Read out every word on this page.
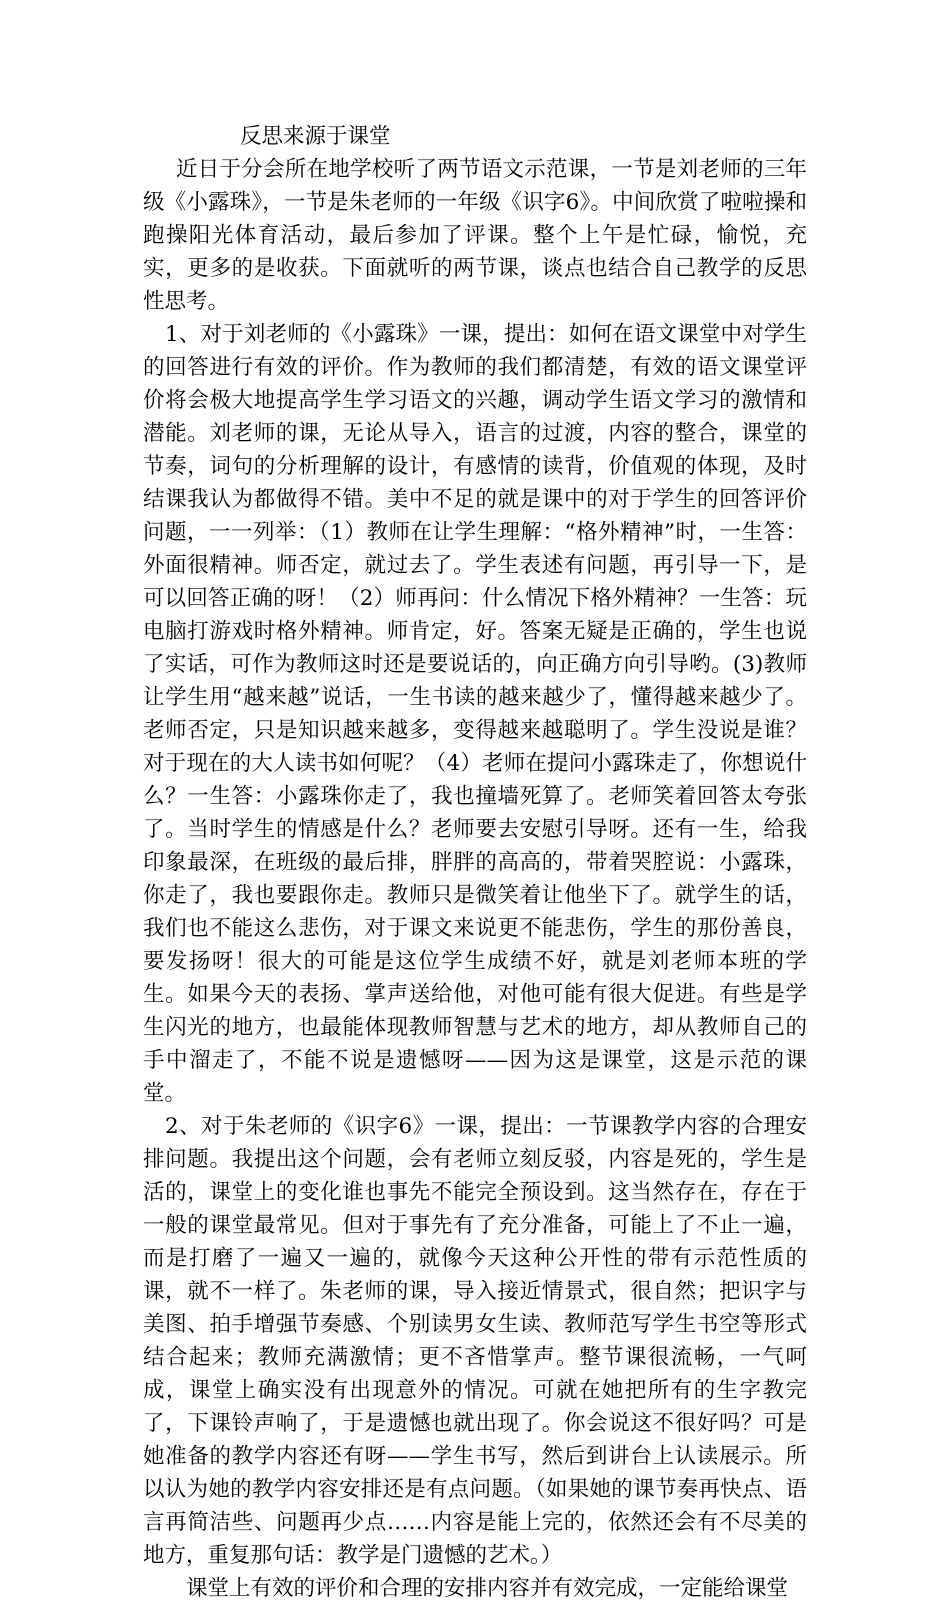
反思来源于课堂

近日于分会所在地学校听了两节语文示范课，一节是刘老师的三年级《小露珠》，一节是朱老师的一年级《识字6》。中间欣赏了啦啦操和跑操阳光体育活动，最后参加了评课。整个上午是忙碌，愉悦，充实，更多的是收获。下面就听的两节课，谈点也结合自己教学的反思性思考。

1、对于刘老师的《小露珠》一课，提出：如何在语文课堂中对学生的回答进行有效的评价。作为教师的我们都清楚，有效的语文课堂评价将会极大地提高学生学习语文的兴趣，调动学生语文学习的激情和潜能。刘老师的课，无论从导入，语言的过渡，内容的整合，课堂的节奏，词句的分析理解的设计，有感情的读背，价值观的体现，及时结课我认为都做得不错。美中不足的就是课中的对于学生的回答评价问题，一一列举：（1）教师在让学生理解：“格外精神”时，一生答：外面很精神。师否定，就过去了。学生表述有问题，再引导一下，是可以回答正确的呀！（2）师再问：什么情况下格外精神？一生答：玩电脑打游戏时格外精神。师肯定，好。答案无疑是正确的，学生也说了实话，可作为教师这时还是要说话的，向正确方向引导哟。(3)教师让学生用“越来越”说话，一生书读的越来越少了，懂得越来越少了。老师否定，只是知识越来越多，变得越来越聪明了。学生没说是谁？对于现在的大人读书如何呢？（4）老师在提问小露珠走了，你想说什么？一生答：小露珠你走了，我也撞墙死算了。老师笑着回答太夸张了。当时学生的情感是什么？老师要去安慰引导呀。还有一生，给我印象最深，在班级的最后排，胖胖的高高的，带着哭腔说：小露珠，你走了，我也要跟你走。教师只是微笑着让他坐下了。就学生的话，我们也不能这么悲伤，对于课文来说更不能悲伤，学生的那份善良，要发扬呀！很大的可能是这位学生成绩不好，就是刘老师本班的学生。如果今天的表扬、掌声送给他，对他可能有很大促进。有些是学生闪光的地方，也最能体现教师智慧与艺术的地方，却从教师自己的手中溜走了，不能不说是遗憾呀——因为这是课堂，这是示范的课堂。

2、对于朱老师的《识字6》一课，提出：一节课教学内容的合理安排问题。我提出这个问题，会有老师立刻反驳，内容是死的，学生是活的，课堂上的变化谁也事先不能完全预设到。这当然存在，存在于一般的课堂最常见。但对于事先有了充分准备，可能上了不止一遍，而是打磨了一遍又一遍的，就像今天这种公开性的带有示范性质的课，就不一样了。朱老师的课，导入接近情景式，很自然；把识字与美图、拍手增强节奏感、个别读男女生读、教师范写学生书空等形式结合起来；教师充满激情；更不吝惜掌声。整节课很流畅，一气呵成，课堂上确实没有出现意外的情况。可就在她把所有的生字教完了，下课铃声响了，于是遗憾也就出现了。你会说这不很好吗？可是她准备的教学内容还有呀——学生书写，然后到讲台上认读展示。所以认为她的教学内容安排还是有点问题。（如果她的课节奏再快点、语言再简洁些、问题再少点……内容是能上完的，依然还会有不尽美的地方，重复那句话：教学是门遗憾的艺术。）

课堂上有效的评价和合理的安排内容并有效完成，一定能给课堂
